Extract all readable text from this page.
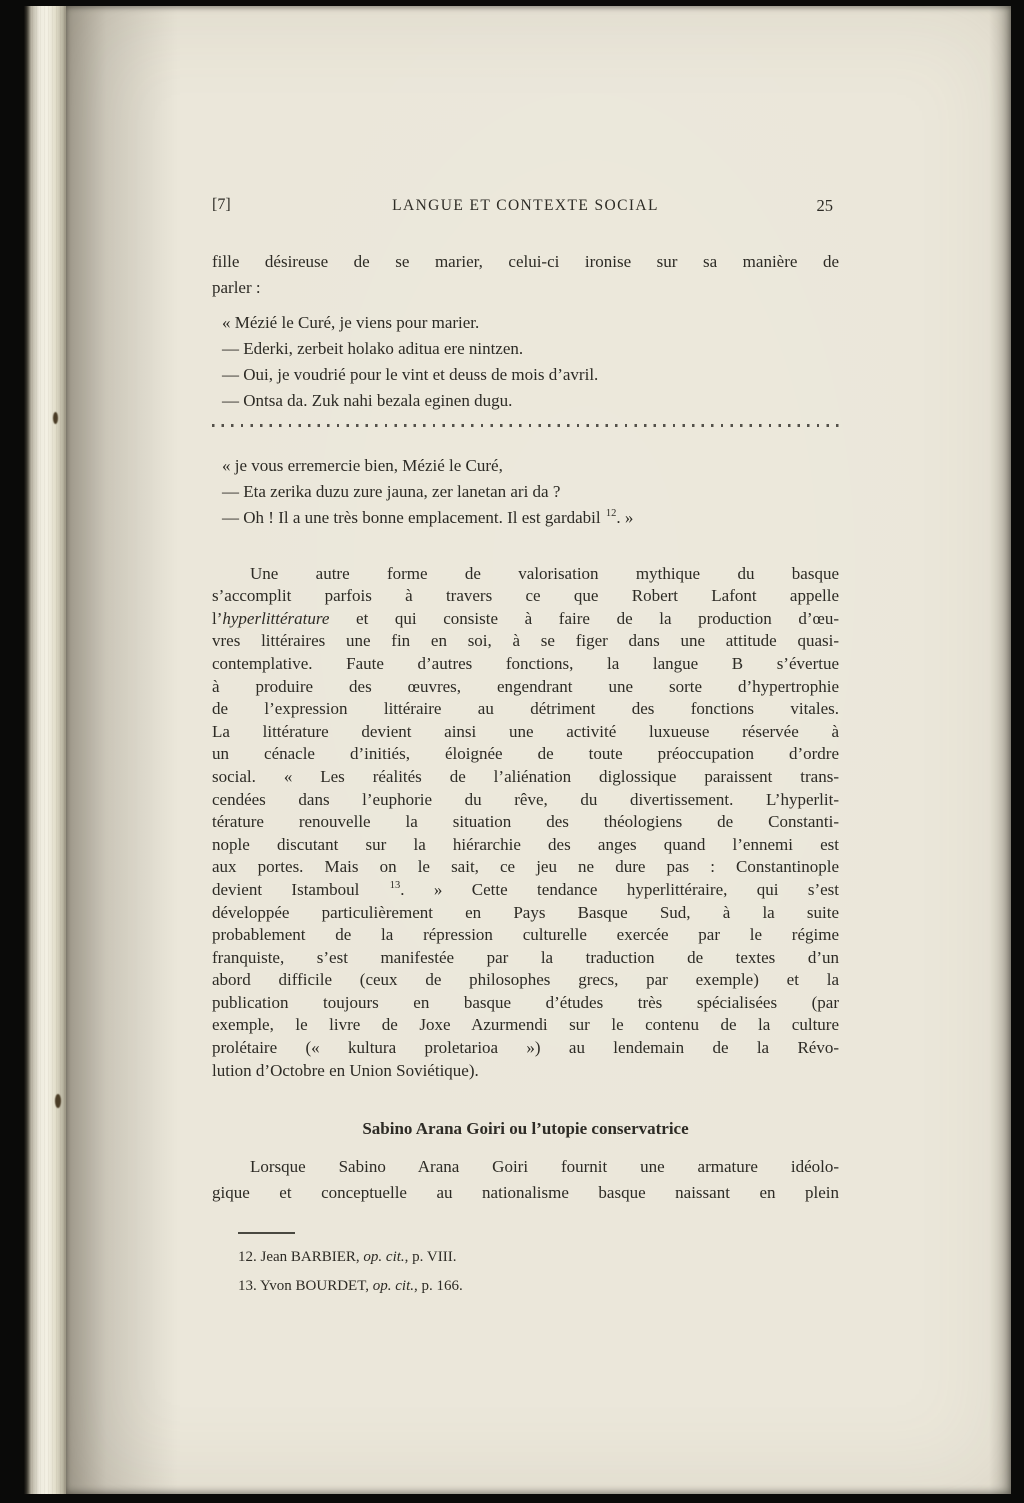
[7]	LANGUE ET CONTEXTE SOCIAL	25
fille désireuse de se marier, celui-ci ironise sur sa manière de
parler :
« Mézié le Curé, je viens pour marier.
— Ederki, zerbeit holako aditua ere nintzen.
— Oui, je voudrié pour le vint et deuss de mois d’avril.
— Ontsa da. Zuk nahi bezala eginen dugu.
« je vous erremercie bien, Mézié le Curé,
— Eta zerika duzu zure jauna, zer lanetan ari da ?
— Oh ! Il a une très bonne emplacement. Il est gardabil $^{12}$. »
Une autre forme de valorisation mythique du basque
s’accomplit parfois à travers ce que Robert Lafont appelle
l’hyperlittérature et qui consiste à faire de la production d’œu-
vres littéraires une fin en soi, à se figer dans une attitude quasi-
contemplative. Faute d’autres fonctions, la langue B s’évertue
à produire des œuvres, engendrant une sorte d’hypertrophie
de l’expression littéraire au détriment des fonctions vitales.
La littérature devient ainsi une activité luxueuse réservée à
un cénacle d’initiés, éloignée de toute préoccupation d’ordre
social. « Les réalités de l’aliénation diglossique paraissent trans-
cendées dans l’euphorie du rêve, du divertissement. L’hyperlit-
térature renouvelle la situation des théologiens de Constanti-
nople discutant sur la hiérarchie des anges quand l’ennemi est
aux portes. Mais on le sait, ce jeu ne dure pas : Constantinople
devient Istamboul $^{13}$. » Cette tendance hyperlittéraire, qui s’est
développée particulièrement en Pays Basque Sud, à la suite
probablement de la répression culturelle exercée par le régime
franquiste, s’est manifestée par la traduction de textes d’un
abord difficile (ceux de philosophes grecs, par exemple) et la
publication toujours en basque d’études très spécialisées (par
exemple, le livre de Joxe Azurmendi sur le contenu de la culture
prolétaire (« kultura proletarioa ») au lendemain de la Révo-
lution d’Octobre en Union Soviétique).
Sabino Arana Goiri ou l’utopie conservatrice
Lorsque Sabino Arana Goiri fournit une armature idéolo-
gique et conceptuelle au nationalisme basque naissant en plein
12. Jean BARBIER, op. cit., p. VIII.
13. Yvon BOURDET, op. cit., p. 166.
